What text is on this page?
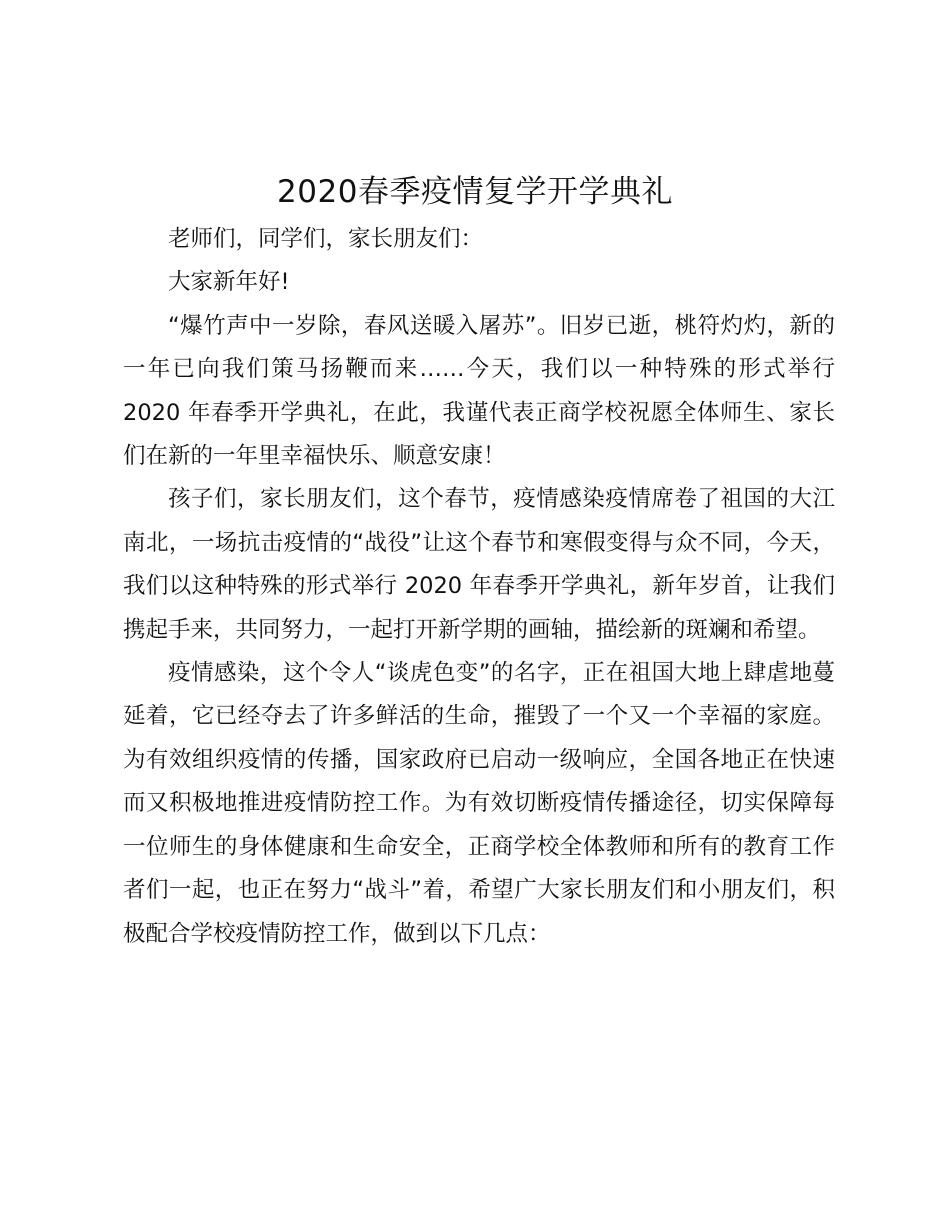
2020春季疫情复学开学典礼

老师们，同学们，家长朋友们：

大家新年好!

“爆竹声中一岁除，春风送暖入屠苏”。旧岁已逝，桃符灼灼，新的一年已向我们策马扬鞭而来……今天，我们以一种特殊的形式举行 2020 年春季开学典礼，在此，我谨代表正商学校祝愿全体师生、家长们在新的一年里幸福快乐、顺意安康！

孩子们，家长朋友们，这个春节，疫情感染疫情席卷了祖国的大江南北，一场抗击疫情的“战役”让这个春节和寒假变得与众不同，今天，我们以这种特殊的形式举行 2020 年春季开学典礼，新年岁首，让我们携起手来，共同努力，一起打开新学期的画轴，描绘新的斑斓和希望。

疫情感染，这个令人“谈虎色变”的名字，正在祖国大地上肆虐地蔓延着，它已经夺去了许多鲜活的生命，摧毁了一个又一个幸福的家庭。为有效组织疫情的传播，国家政府已启动一级响应，全国各地正在快速而又积极地推进疫情防控工作。为有效切断疫情传播途径，切实保障每一位师生的身体健康和生命安全，正商学校全体教师和所有的教育工作者们一起，也正在努力“战斗”着，希望广大家长朋友们和小朋友们，积极配合学校疫情防控工作，做到以下几点：
